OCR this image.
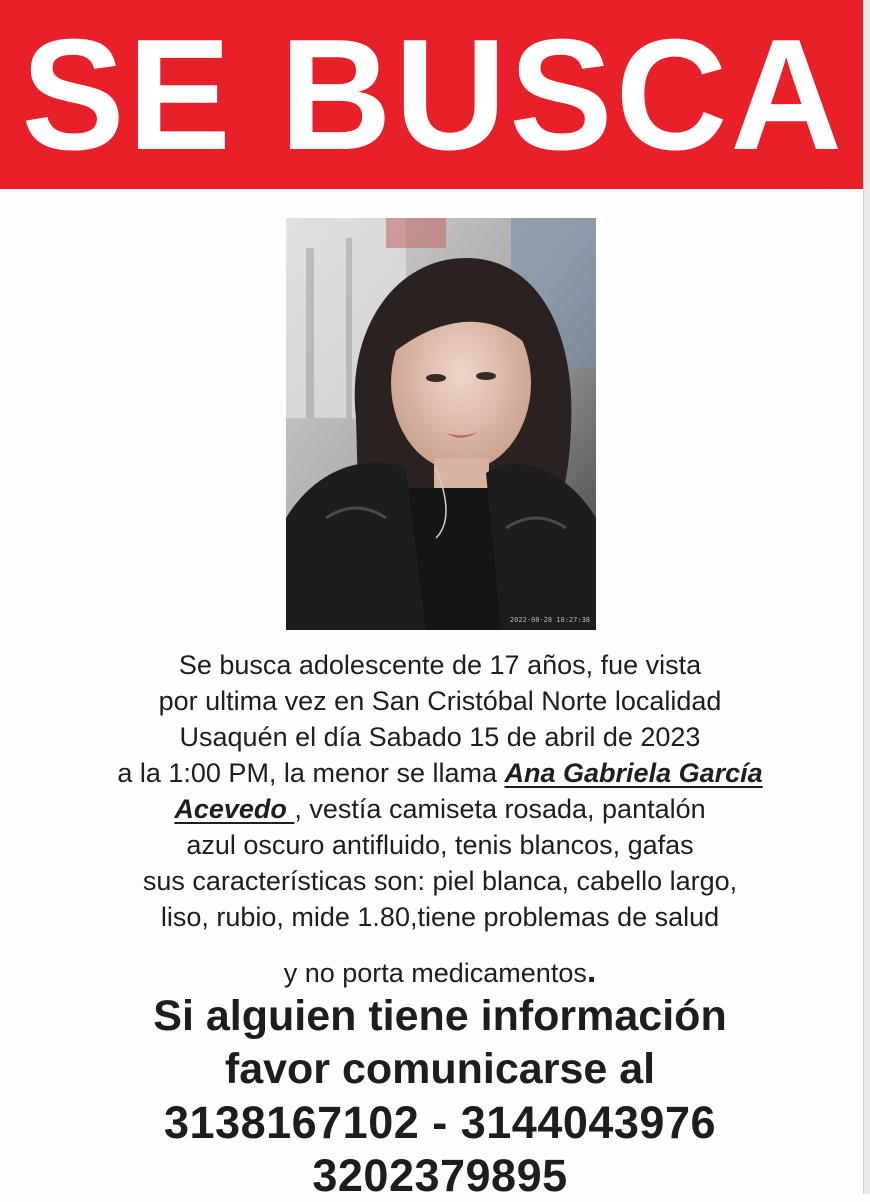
SE BUSCA
2022-08-28 18:27:38

Se busca adolescente de 17 años, fue vista

por ultima vez en San Cristóbal Norte localidad

Usaquén el día Sabado 15 de abril de 2023

a la 1:00 PM, la menor se llama Ana Gabriela García

Acevedo , vestía camiseta rosada, pantalón

azul oscuro antifluido, tenis blancos, gafas

sus características son: piel blanca, cabello largo,

liso, rubio, mide 1.80,tiene problemas de salud

y no porta medicamentos.

Si alguien tiene información

favor comunicarse al

3138167102 - 3144043976

3202379895
